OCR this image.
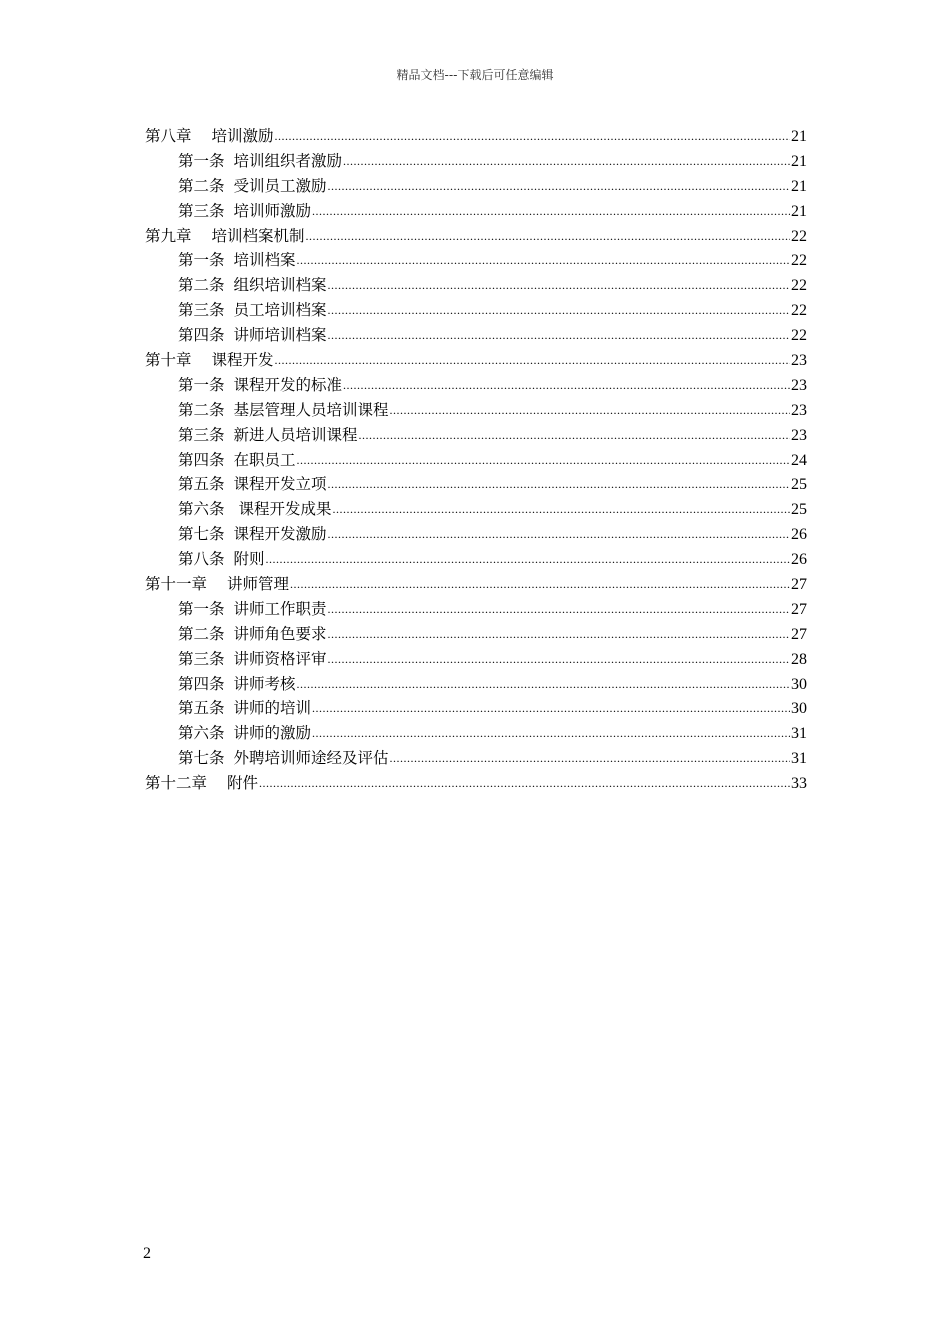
精品文档---下载后可任意编辑
第八章 培训激励 .....	21
第一条 培训组织者激励 .....	21
第二条 受训员工激励 .....	21
第三条 培训师激励 .....	21
第九章 培训档案机制 .....	22
第一条 培训档案 .....	22
第二条 组织培训档案 .....	22
第三条 员工培训档案 .....	22
第四条 讲师培训档案 .....	22
第十章 课程开发 .....	23
第一条 课程开发的标准 .....	23
第二条 基层管理人员培训课程 .....	23
第三条 新进人员培训课程 .....	23
第四条 在职员工 .....	24
第五条 课程开发立项 .....	25
第六条 课程开发成果 .....	25
第七条 课程开发激励 .....	26
第八条 附则 .....	26
第十一章 讲师管理 .....	27
第一条 讲师工作职责 .....	27
第二条 讲师角色要求 .....	27
第三条 讲师资格评审 .....	28
第四条 讲师考核 .....	30
第五条 讲师的培训 .....	30
第六条 讲师的激励 .....	31
第七条 外聘培训师途经及评估 .....	31
第十二章 附件 .....	33
2
